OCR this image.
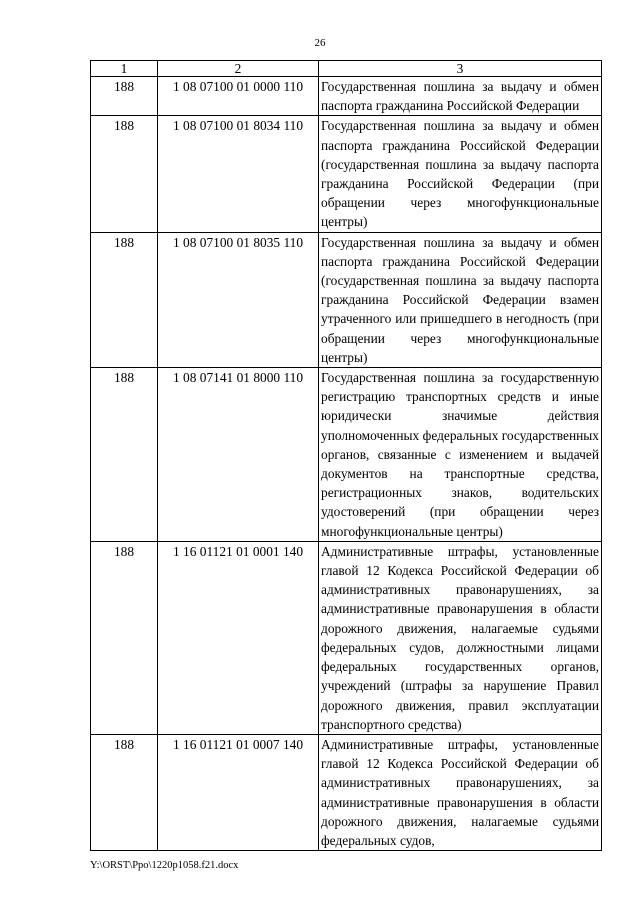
26
1	2	3
188	1 08 07100 01 0000 110	Государственная пошлина за выдачу и обмен паспорта гражданина Российской Федерации
188	1 08 07100 01 8034 110	Государственная пошлина за выдачу и обмен паспорта гражданина Российской Федерации (государственная пошлина за выдачу паспорта гражданина Российской Федерации (при обращении через многофункциональные центры)
188	1 08 07100 01 8035 110	Государственная пошлина за выдачу и обмен паспорта гражданина Российской Федерации (государственная пошлина за выдачу паспорта гражданина Российской Федерации взамен утраченного или пришедшего в негодность (при обращении через многофункциональные центры)
188	1 08 07141 01 8000 110	Государственная пошлина за государственную регистрацию транспортных средств и иные юридически значимые действия уполномоченных федеральных государственных органов, связанные с изменением и выдачей документов на транспортные средства, регистрационных знаков, водительских удостоверений (при обращении через многофункциональные центры)
188	1 16 01121 01 0001 140	Административные штрафы, установленные главой 12 Кодекса Российской Федерации об административных правонарушениях, за административные правонарушения в области дорожного движения, налагаемые судьями федеральных судов, должностными лицами федеральных государственных органов, учреждений (штрафы за нарушение Правил дорожного движения, правил эксплуатации транспортного средства)
188	1 16 01121 01 0007 140	Административные штрафы, установленные главой 12 Кодекса Российской Федерации об административных правонарушениях, за административные правонарушения в области дорожного движения, налагаемые судьями федеральных судов,
Y:\ORST\Ppo\1220p1058.f21.docx
